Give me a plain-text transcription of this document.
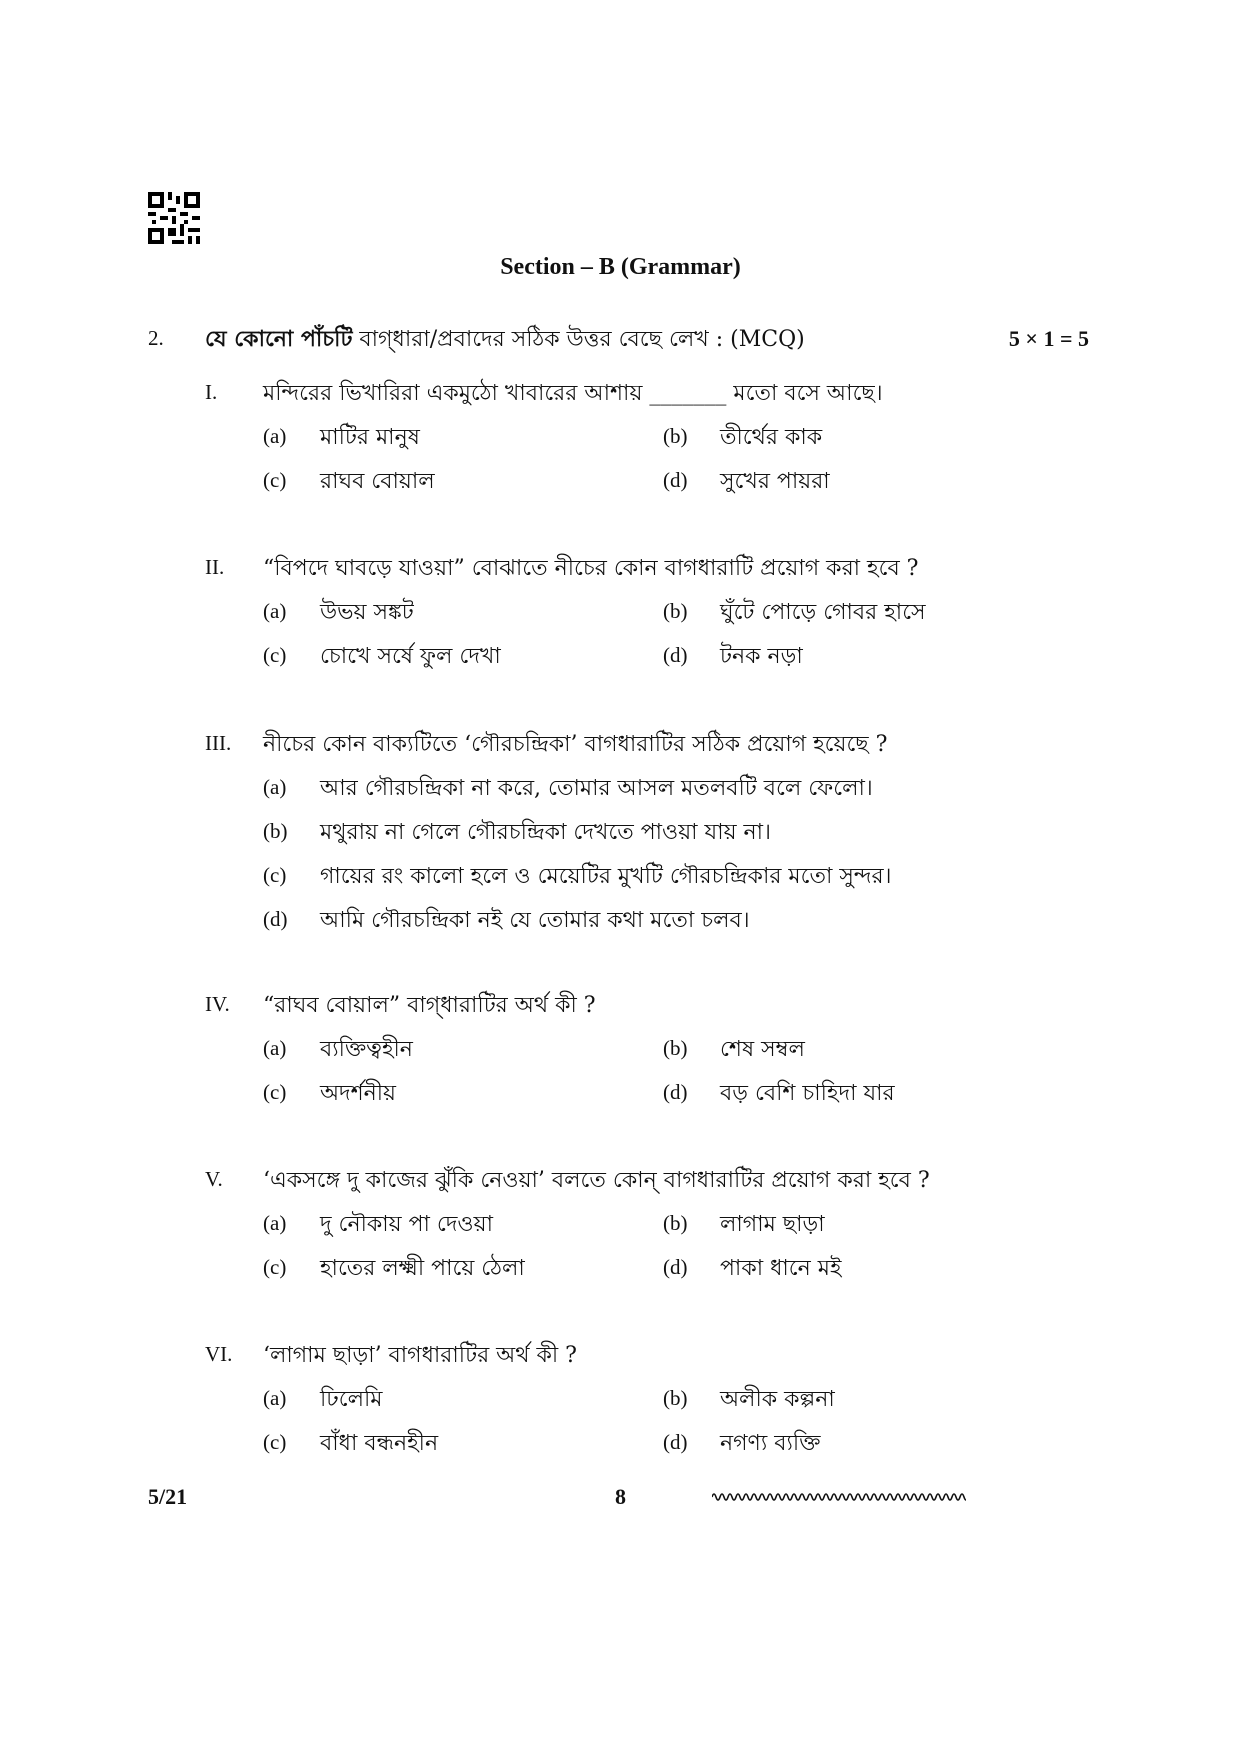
Section – B (Grammar)
2. যে কোনো পাঁচটি বাগ্‌ধারা/প্রবাদের সঠিক উত্তর বেছে লেখ : (MCQ)	5 × 1 = 5
I. মন্দিরের ভিখারিরা একমুঠো খাবারের আশায় _______ মতো বসে আছে।
(a) মাটির মানুষ	(b) তীর্থের কাক
(c) রাঘব বোয়াল	(d) সুখের পায়রা
II. “বিপদে ঘাবড়ে যাওয়া” বোঝাতে নীচের কোন বাগধারাটি প্রয়োগ করা হবে ?
(a) উভয় সঙ্কট	(b) ঘুঁটে পোড়ে গোবর হাসে
(c) চোখে সর্ষে ফুল দেখা	(d) টনক নড়া
III. নীচের কোন বাক্যটিতে ‘গৌরচন্দ্রিকা’ বাগধারাটির সঠিক প্রয়োগ হয়েছে ?
(a) আর গৌরচন্দ্রিকা না করে, তোমার আসল মতলবটি বলে ফেলো।
(b) মথুরায় না গেলে গৌরচন্দ্রিকা দেখতে পাওয়া যায় না।
(c) গায়ের রং কালো হলে ও মেয়েটির মুখটি গৌরচন্দ্রিকার মতো সুন্দর।
(d) আমি গৌরচন্দ্রিকা নই যে তোমার কথা মতো চলব।
IV. “রাঘব বোয়াল” বাগ্‌ধারাটির অর্থ কী ?
(a) ব্যক্তিত্বহীন	(b) শেষ সম্বল
(c) অদর্শনীয়	(d) বড় বেশি চাহিদা যার
V. ‘একসঙ্গে দু কাজের ঝুঁকি নেওয়া’ বলতে কোন্ বাগধারাটির প্রয়োগ করা হবে ?
(a) দু নৌকায় পা দেওয়া	(b) লাগাম ছাড়া
(c) হাতের লক্ষ্মী পায়ে ঠেলা	(d) পাকা ধানে মই
VI. ‘লাগাম ছাড়া’ বাগধারাটির অর্থ কী ?
(a) ঢিলেমি	(b) অলীক কল্পনা
(c) বাঁধা বন্ধনহীন	(d) নগণ্য ব্যক্তি
5/21	8
